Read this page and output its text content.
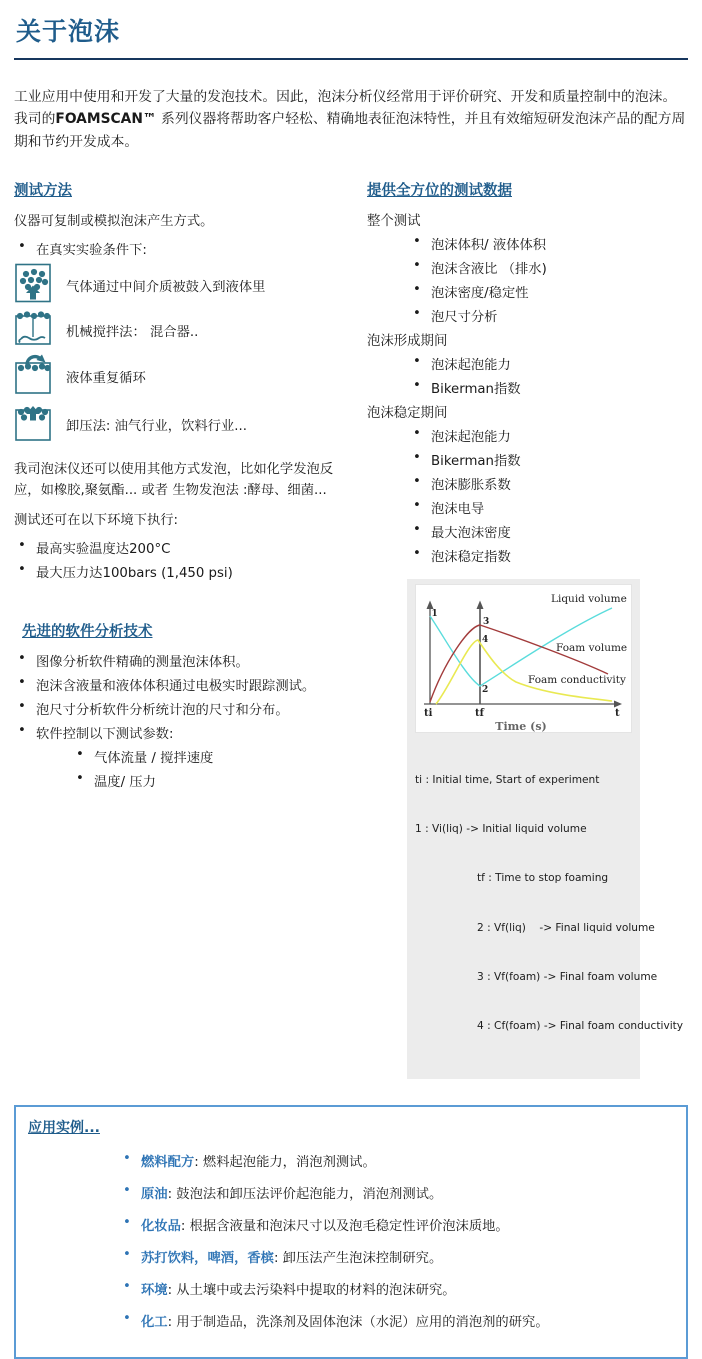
关于泡沫

工业应用中使用和开发了大量的发泡技术。因此，泡沫分析仪经常用于评价研究、开发和质量控制中的泡沫。

我司的FOAMSCAN™ 系列仪器将帮助客户轻松、精确地表征泡沫特性，并且有效缩短研发泡沫产品的配方周期和节约开发成本。

测试方法
仪器可复制或模拟泡沫产生方式。
• 在真实实验条件下:
气体通过中间介质被鼓入到液体里
机械搅拌法： 混合器..
液体重复循环
卸压法: 油气行业，饮料行业...
我司泡沫仪还可以使用其他方式发泡，比如化学发泡反应，如橡胶,聚氨酯... 或者 生物发泡法 :酵母、细菌...
测试还可在以下环境下执行:
• 最高实验温度达200°C
• 最大压力达100bars (1,450 psi)
先进的软件分析技术
• 图像分析软件精确的测量泡沫体积。
• 泡沫含液量和液体体积通过电极实时跟踪测试。
• 泡尺寸分析软件分析统计泡的尺寸和分布。
• 软件控制以下测试参数:
• 气体流量 / 搅拌速度
• 温度/ 压力
提供全方位的测试数据
整个测试
• 泡沫体积/ 液体体积
• 泡沫含液比 （排水)
• 泡沫密度/稳定性
• 泡尺寸分析
泡沫形成期间
• 泡沫起泡能力
• Bikerman指数
泡沫稳定期间
• 泡沫起泡能力
• Bikerman指数
• 泡沫膨胀系数
• 泡沫电导
• 最大泡沫密度
• 泡沫稳定指数
1
2
3
4
Liquid volume
Foam volume
Foam conductivity
ti	tf	t
Time (s)

ti : Initial time, Start of experiment

1 : Vi(liq) -> Initial liquid volume

tf : Time to stop foaming

2 : Vf(liq)    -> Final liquid volume

3 : Vf(foam) -> Final foam volume

4 : Cf(foam) -> Final foam conductivity

应用实例...
• 燃料配方: 燃料起泡能力，消泡剂测试。
• 原油: 鼓泡法和卸压法评价起泡能力，消泡剂测试。
• 化妆品: 根据含液量和泡沫尺寸以及泡毛稳定性评价泡沫质地。
• 苏打饮料，啤酒，香槟: 卸压法产生泡沫控制研究。
• 环境: 从土壤中或去污染料中提取的材料的泡沫研究。
• 化工: 用于制造品，洗涤剂及固体泡沫（水泥）应用的消泡剂的研究。
